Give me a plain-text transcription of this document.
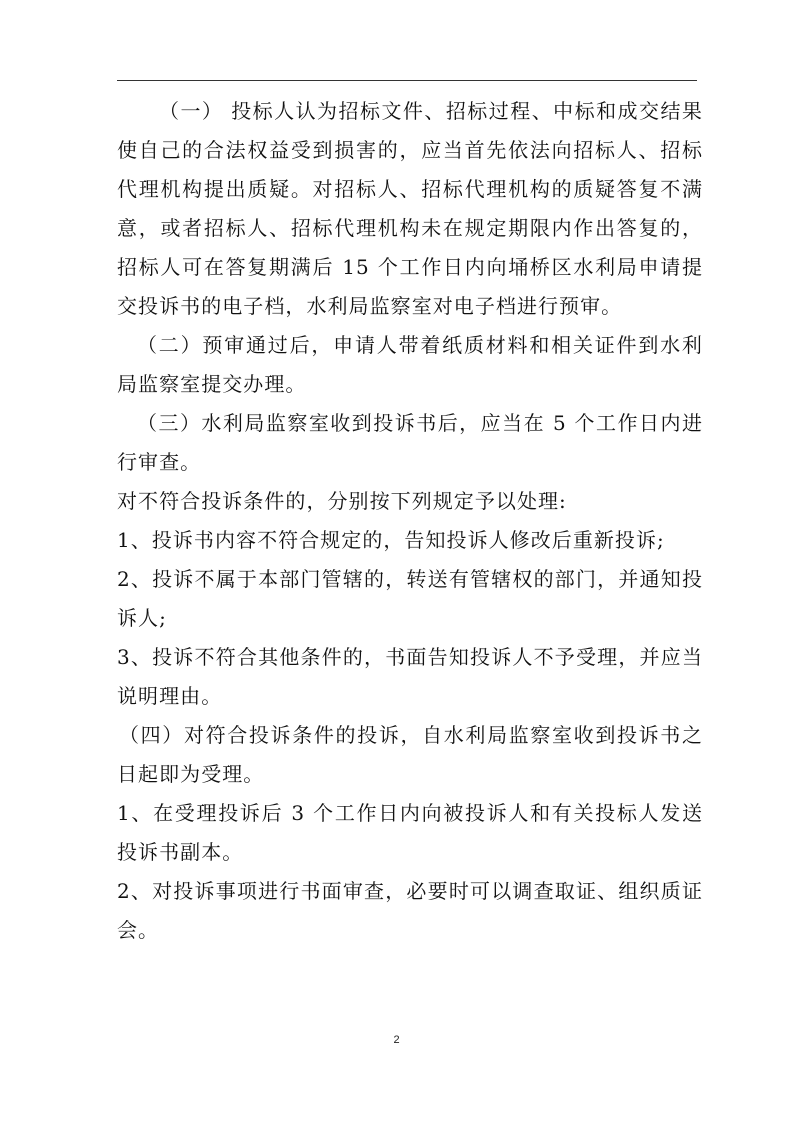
（一） 投标人认为招标文件、招标过程、中标和成交结果使自己的合法权益受到损害的，应当首先依法向招标人、招标代理机构提出质疑。对招标人、招标代理机构的质疑答复不满意，或者招标人、招标代理机构未在规定期限内作出答复的，招标人可在答复期满后 15 个工作日内向埇桥区水利局申请提交投诉书的电子档，水利局监察室对电子档进行预审。

（二）预审通过后，申请人带着纸质材料和相关证件到水利局监察室提交办理。

（三）水利局监察室收到投诉书后，应当在 5 个工作日内进行审查。

对不符合投诉条件的，分别按下列规定予以处理:

1、投诉书内容不符合规定的，告知投诉人修改后重新投诉;

2、投诉不属于本部门管辖的，转送有管辖权的部门，并通知投诉人;

3、投诉不符合其他条件的，书面告知投诉人不予受理，并应当说明理由。

（四）对符合投诉条件的投诉，自水利局监察室收到投诉书之日起即为受理。

1、在受理投诉后 3 个工作日内向被投诉人和有关投标人发送投诉书副本。

2、对投诉事项进行书面审查，必要时可以调查取证、组织质证会。

2
